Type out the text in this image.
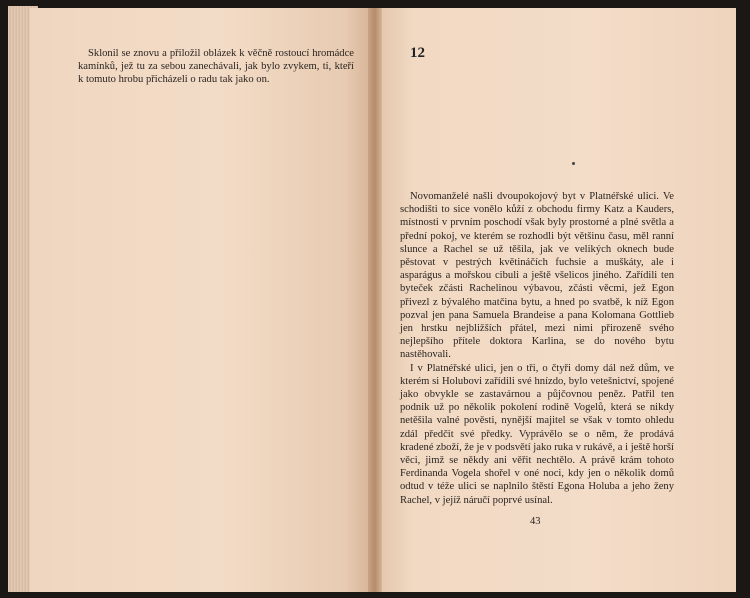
Sklonil se znovu a přiložil oblázek k věčně rostoucí hromádce kamínků, jež tu za sebou zanechávali, jak bylo zvykem, ti, kteří k tomuto hrobu přicházeli o radu tak jako on.

12

Novomanželé našli dvoupokojový byt v Platnéřské ulici. Ve schodišti to sice vonělo kůží z obchodu firmy Katz a Kauders, místnosti v prvním poschodí však byly prostorné a plné světla a přední pokoj, ve kterém se rozhodli být většinu času, měl ranní slunce a Rachel se už těšila, jak ve velikých oknech bude pěstovat v pestrých květináčích fuchsie a muškáty, ale i asparágus a mořskou cibuli a ještě všelicos jiného. Zařídili ten byteček zčásti Rachelinou výbavou, zčásti věcmi, jež Egon přivezl z bývalého matčina bytu, a hned po svatbě, k níž Egon pozval jen pana Samuela Brandeise a pana Kolomana Gottlieb jen hrstku nejbližších přátel, mezi nimi přirozeně svého nejlepšího přítele doktora Karlina, se do nového bytu nastěhovali.

I v Platnéřské ulici, jen o tři, o čtyři domy dál než dům, ve kterém si Holubovi zařídili své hnízdo, bylo vetešnictví, spojené jako obvykle se zastavárnou a půjčovnou peněz. Patřil ten podnik už po několik pokolení rodině Vogelů, která se nikdy netěšila valné pověsti, nynější majitel se však v tomto ohledu zdál předčit své předky. Vyprávělo se o něm, že prodává kradené zboží, že je v podsvětí jako ruka v rukávě, a i ještě horší věci, jimž se někdy ani věřit nechtělo. A právě krám tohoto Ferdinanda Vogela shořel v oné noci, kdy jen o několik domů odtud v téže ulici se naplnilo štěstí Egona Holuba a jeho ženy Rachel, v jejíž náručí poprvé usínal.

43
